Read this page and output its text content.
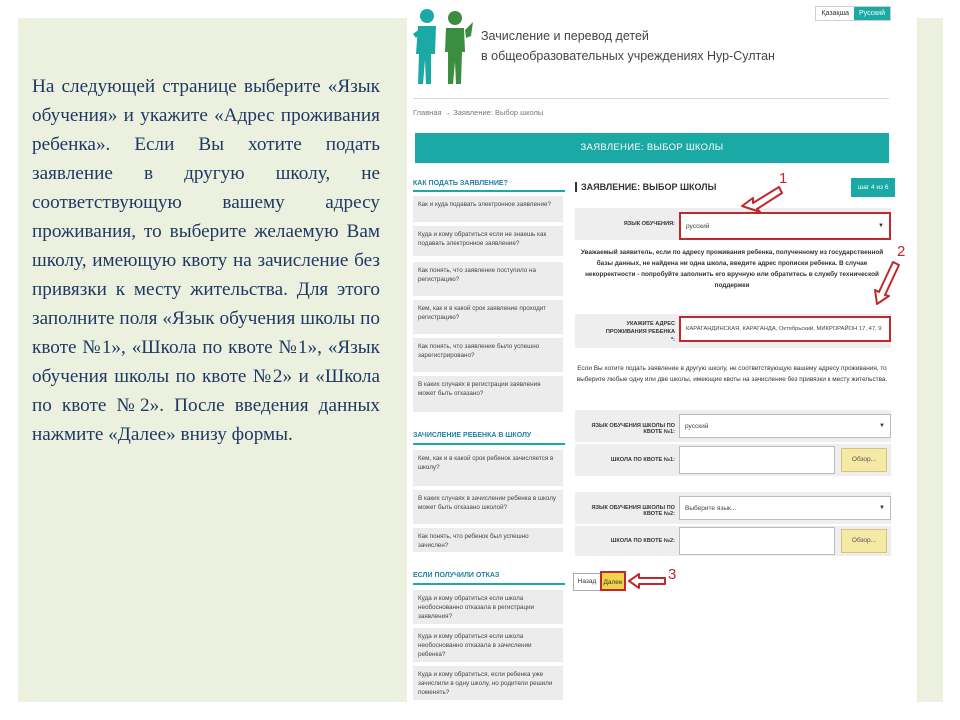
На следующей странице выберите «Язык обучения» и укажите «Адрес проживания ребенка». Если Вы хотите подать заявление в другую школу, не соответствующую вашему адресу проживания, то выберите желаемую Вам школу, имеющую квоту на зачисление без привязки к месту жительства. Для этого заполните поля «Язык обучения школы по квоте №1», «Школа по квоте №1», «Язык обучения школы по квоте №2» и «Школа по квоте №2». После введения данных нажмите «Далее» внизу формы.

Зачисление и перевод детей
в общеобразовательных учреждениях Нур-Султан
Қазақша	Русский
Главная → Заявление: Выбор школы
ЗАЯВЛЕНИЕ: ВЫБОР ШКОЛЫ
КАК ПОДАТЬ ЗАЯВЛЕНИЕ?
Как и куда подавать электронное заявление?
Куда и кому обратиться если не знаешь как подавать электронное заявление?
Как понять, что заявление поступило на регистрацию?
Кем, как и в какой срок заявление проходит регистрацию?
Как понять, что заявление было успешно зарегистрировано?
В каких случаях в регистрации заявления может быть отказано?
ЗАЧИСЛЕНИЕ РЕБЕНКА В ШКОЛУ
Кем, как и в какой срок ребенок зачисляется в школу?
В каких случаях в зачислении ребенка в школу может быть отказано школой?
Как понять, что ребенок был успешно зачислен?
ЕСЛИ ПОЛУЧИЛИ ОТКАЗ
Куда и кому обратиться если школа необоснованно отказала в регистрации заявления?
Куда и кому обратиться если школа необоснованно отказала в зачислении ребенка?
Куда и кому обратиться, если ребенка уже зачислили в одну школу, но родители решили поменять?
ЗАЯВЛЕНИЕ: ВЫБОР ШКОЛЫ	шаг 4 из 6
ЯЗЫК ОБУЧЕНИЯ: русский	▼
Уважаемый заявитель, если по адресу проживания ребенка, полученному из государственной базы данных, не найдена ни одна школа, введите адрес прописки ребенка. В случае некорректности - попробуйте заполнить его вручную или обратитесь в службу технической поддержки
УКАЖИТЕ АДРЕС ПРОЖИВАНИЯ РЕБЕНКА *:
КАРАГАНДИНСКАЯ, КАРАГАНДА, Октябрьский, МИКРОРАЙОН 17, 47, 9
Если Вы хотите подать заявление в другую школу, не соответствующую вашему адресу проживания, то выберите любые одну или две школы, имеющие квоты на зачисление без привязки к месту жительства.
ЯЗЫК ОБУЧЕНИЯ ШКОЛЫ ПО КВОТЕ №1:
русский	▼
ШКОЛА ПО КВОТЕ №1:	Обзор...
ЯЗЫК ОБУЧЕНИЯ ШКОЛЫ ПО КВОТЕ №2:
Выберите язык...	▼
ШКОЛА ПО КВОТЕ №2:	Обзор...
Назад	Далее
1
2
3
